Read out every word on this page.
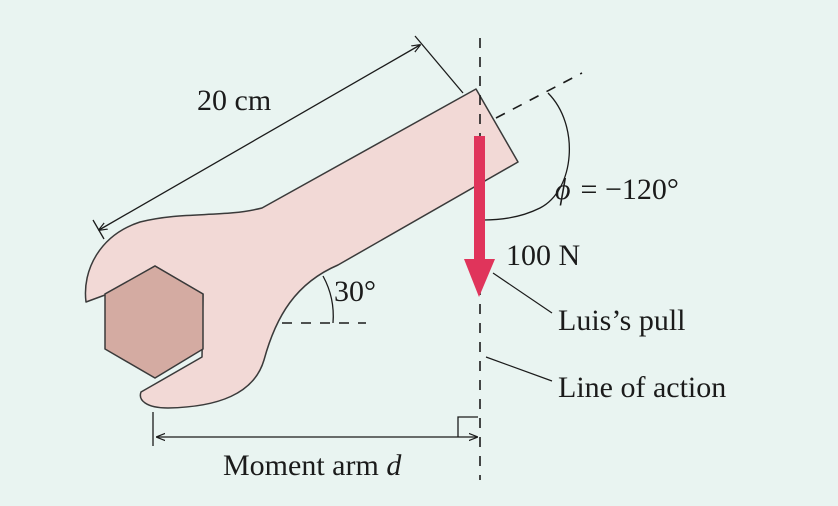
20 cm
30°
ϕ = −120°
100 N
Luis’s pull
Line of action
Moment arm d
